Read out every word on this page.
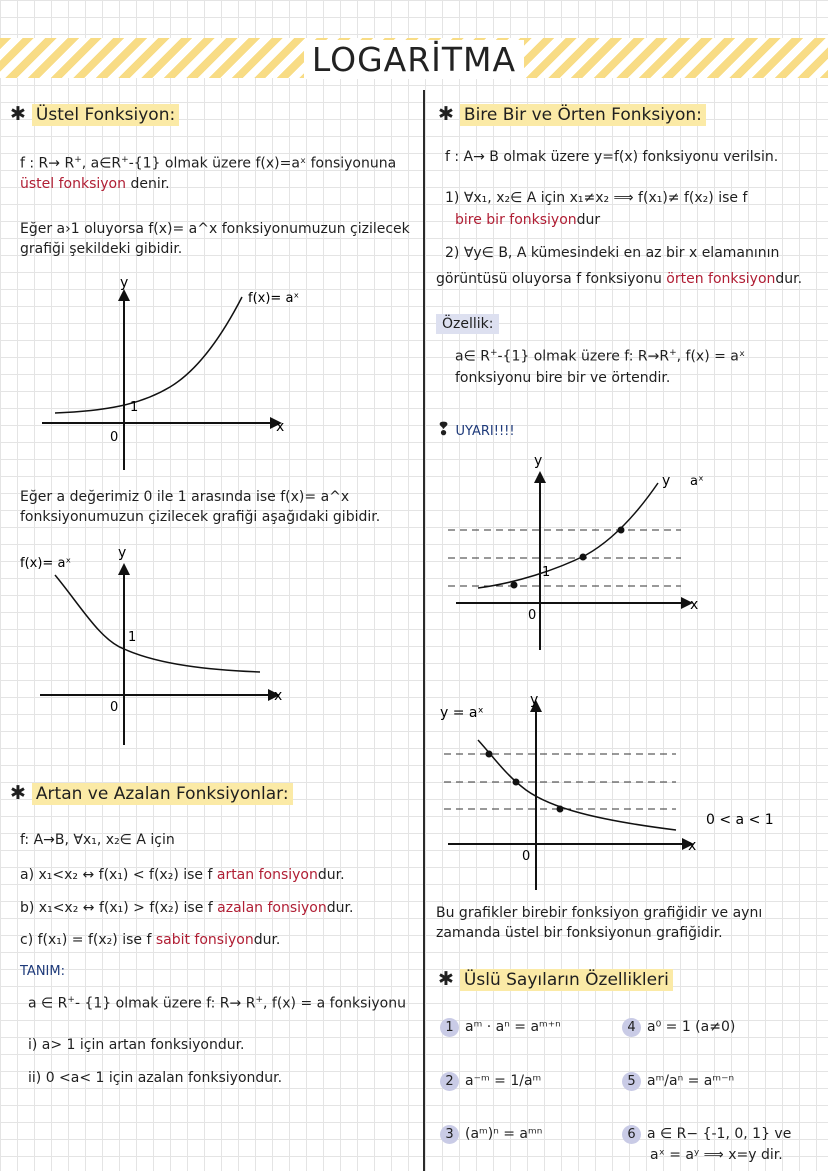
LOGARİTMA
✱ Üstel Fonksiyon:
f : R→ R+, a∈R+-{1} olmak üzere f(x)=aˣ fonsiyonuna
üstel fonksiyon denir.
Eğer a›1 oluyorsa f(x)= a^x fonksiyonumuzun çizilecek grafiği şekildeki gibidir.
y
x
0
1
f(x)= aˣ
Eğer a değerimiz 0 ile 1 arasında ise f(x)= a^x fonksiyonumuzun çizilecek grafiği aşağıdaki gibidir.
y
x
0
1
f(x)= aˣ
✱ Artan ve Azalan Fonksiyonlar:
f: A→B, ∀x₁, x₂∈ A için
a) x₁<x₂ ↔ f(x₁) < f(x₂) ise f artan fonsiyondur.
b) x₁<x₂ ↔ f(x₁) > f(x₂) ise f azalan fonsiyondur.
c) f(x₁) = f(x₂) ise f sabit fonsiyondur.
TANIM:
a ∈ R+- {1} olmak üzere f: R→ R+, f(x) = a fonksiyonu
i) a> 1 için artan fonksiyondur.
ii) 0 <a< 1 için azalan fonksiyondur.
✱ Bire Bir ve Örten Fonksiyon:
f : A→ B olmak üzere y=f(x) fonksiyonu verilsin.
1) ∀x₁, x₂∈ A için x₁≠x₂ ⟹ f(x₁)≠ f(x₂) ise f
bire bir fonksiyondur
2) ∀y∈ B, A kümesindeki en az bir x elamanının
görüntüsü oluyorsa f fonksiyonu örten fonksiyondur.
Özellik:
a∈ R+-{1} olmak üzere f: R→R+, f(x) = aˣ
fonksiyonu bire bir ve örtendir.
❢ UYARI!!!!
y
x
0
1
y aˣ
y = aˣ
y
x
0
0 < a < 1
Bu grafikler birebir fonksiyon grafiğidir ve aynı zamanda üstel bir fonksiyonun grafiğidir.
✱ Üslü Sayıların Özellikleri
1 aᵐ · aⁿ = aᵐ⁺ⁿ	4 a⁰ = 1 (a≠0)
2 a⁻ᵐ = 1/aᵐ	5 aᵐ/aⁿ = aᵐ⁻ⁿ
3 (aᵐ)ⁿ = aᵐⁿ	6 a ∈ R− {-1, 0, 1} ve
aˣ = aʸ ⟹ x=y dir.
